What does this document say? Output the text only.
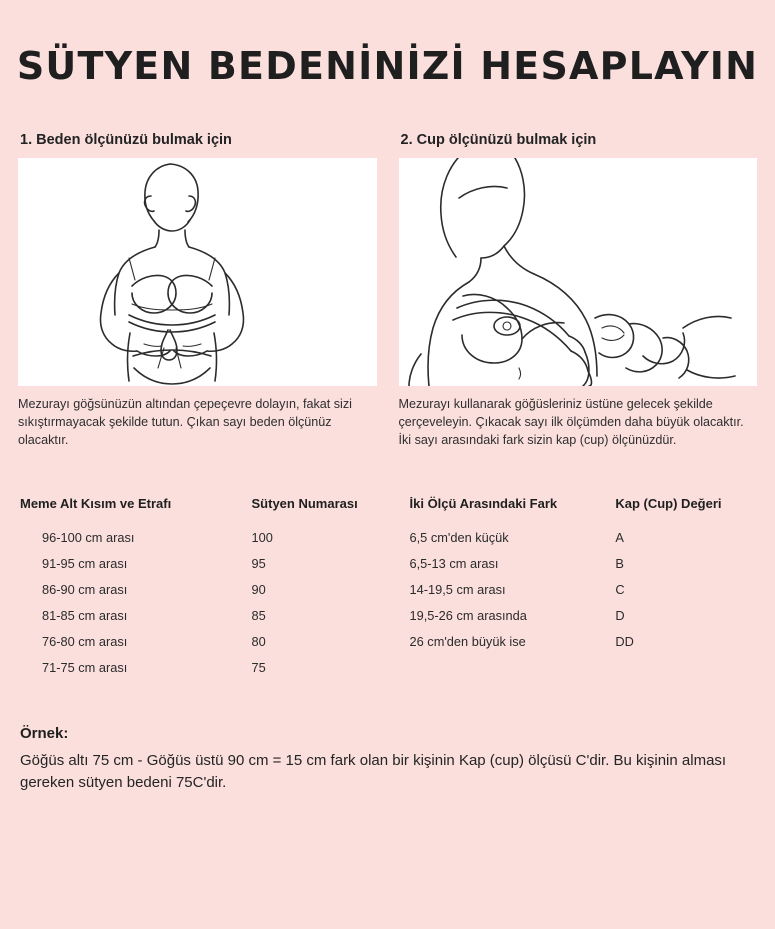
SÜTYEN BEDENİNİZİ HESAPLAYIN
1. Beden ölçünüzü bulmak için
Mezurayı göğsünüzün altından çepeçevre dolayın, fakat sizi sıkıştırmayacak şekilde tutun. Çıkan sayı beden ölçünüz olacaktır.
2. Cup ölçünüzü bulmak için
Mezurayı kullanarak göğüsleriniz üstüne gelecek şekilde çerçeveleyin. Çıkacak sayı ilk ölçümden daha büyük olacaktır. İki sayı arasındaki fark sizin kap (cup) ölçünüzdür.
Meme Alt Kısım ve Etrafı	Sütyen Numarası
96-100 cm arası	100
91-95 cm arası	95
86-90 cm arası	90
81-85 cm arası	85
76-80 cm arası	80
71-75 cm arası	75
İki Ölçü Arasındaki Fark	Kap (Cup) Değeri
6,5 cm'den küçük	A
6,5-13 cm arası	B
14-19,5 cm arası	C
19,5-26 cm arasında	D
26 cm'den büyük ise	DD
Örnek:
Göğüs altı 75 cm - Göğüs üstü 90 cm = 15 cm fark olan bir kişinin Kap (cup) ölçüsü C'dir. Bu kişinin alması gereken sütyen bedeni 75C'dir.
